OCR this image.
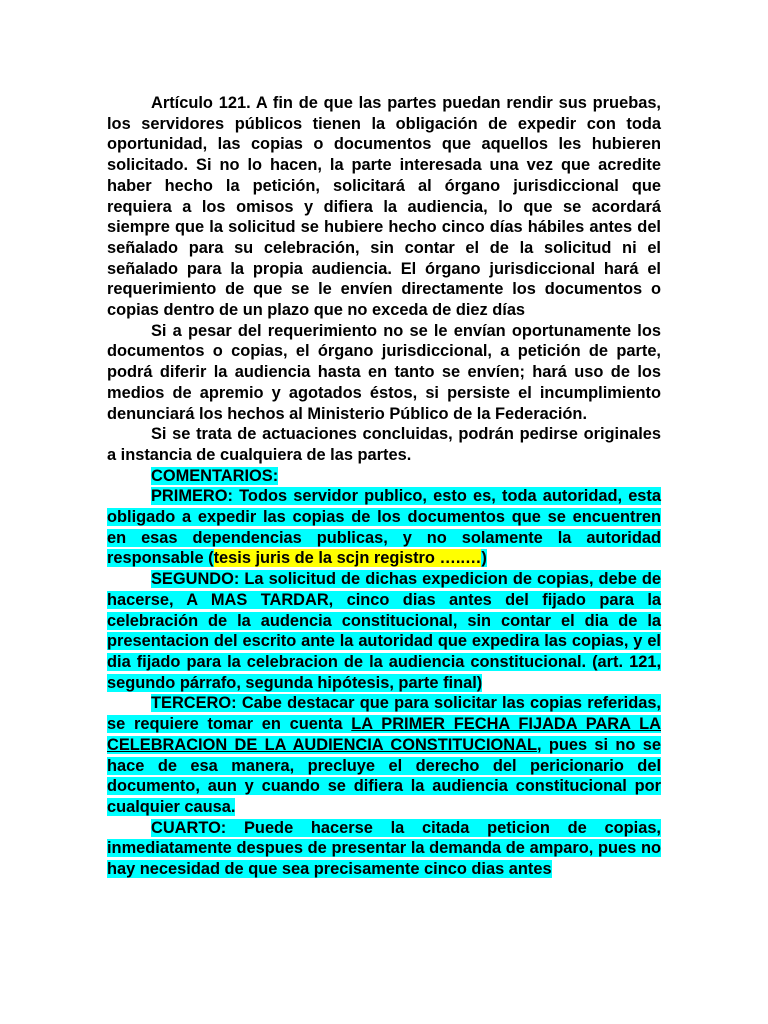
Artículo 121. A fin de que las partes puedan rendir sus pruebas, los servidores públicos tienen la obligación de expedir con toda oportunidad, las copias o documentos que aquellos les hubieren solicitado. Si no lo hacen, la parte interesada una vez que acredite haber hecho la petición, solicitará al órgano jurisdiccional que requiera a los omisos y difiera la audiencia, lo que se acordará siempre que la solicitud se hubiere hecho cinco días hábiles antes del señalado para su celebración, sin contar el de la solicitud ni el señalado para la propia audiencia. El órgano jurisdiccional hará el requerimiento de que se le envíen directamente los documentos o copias dentro de un plazo que no exceda de diez días

Si a pesar del requerimiento no se le envían oportunamente los documentos o copias, el órgano jurisdiccional, a petición de parte, podrá diferir la audiencia hasta en tanto se envíen; hará uso de los medios de apremio y agotados éstos, si persiste el incumplimiento denunciará los hechos al Ministerio Público de la Federación.

Si se trata de actuaciones concluidas, podrán pedirse originales a instancia de cualquiera de las partes.

COMENTARIOS:

PRIMERO: Todos servidor publico, esto es, toda autoridad, esta obligado a expedir las copias de los documentos que se encuentren en esas dependencias publicas, y no solamente la autoridad responsable (tesis juris de la scjn registro …..…)

SEGUNDO: La solicitud de dichas expedicion de copias, debe de hacerse, A MAS TARDAR, cinco dias antes del fijado para la celebración de la audencia constitucional, sin contar el dia de la presentacion del escrito ante la autoridad que expedira las copias, y el dia fijado para la celebracion de la audiencia constitucional. (art. 121, segundo párrafo, segunda hipótesis, parte final)

TERCERO: Cabe destacar que para solicitar las copias referidas, se requiere tomar en cuenta LA PRIMER FECHA FIJADA PARA LA CELEBRACION DE LA AUDIENCIA CONSTITUCIONAL, pues si no se hace de esa manera, precluye el derecho del pericionario del documento, aun y cuando se difiera la audiencia constitucional por cualquier causa.

CUARTO: Puede hacerse la citada peticion de copias, inmediatamente despues de presentar la demanda de amparo, pues no hay necesidad de que sea precisamente cinco dias antes
